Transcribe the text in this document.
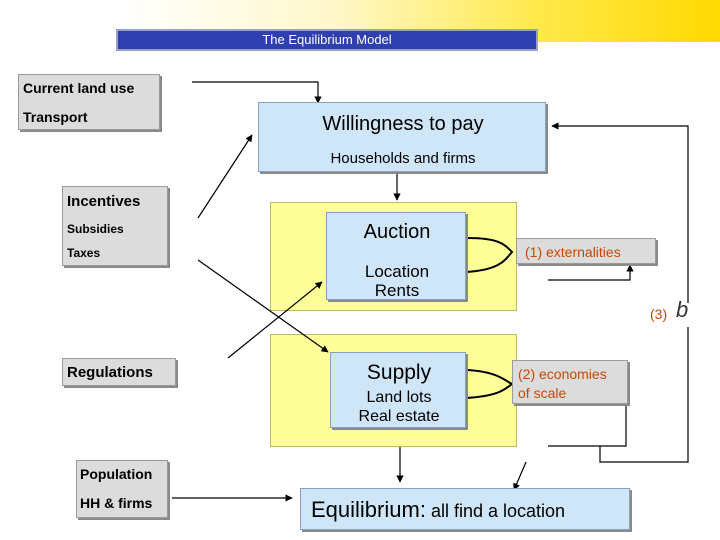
The Equilibrium Model
Current land use
Transport
Incentives
Subsidies
Taxes
Regulations
Population
HH & firms
Willingness to pay
Households and firms
Auction
Location
Rents
Supply
Land lots
Real estate
(1) externalities
(2) economies
of scale
(3) b
Equilibrium: all find a location
